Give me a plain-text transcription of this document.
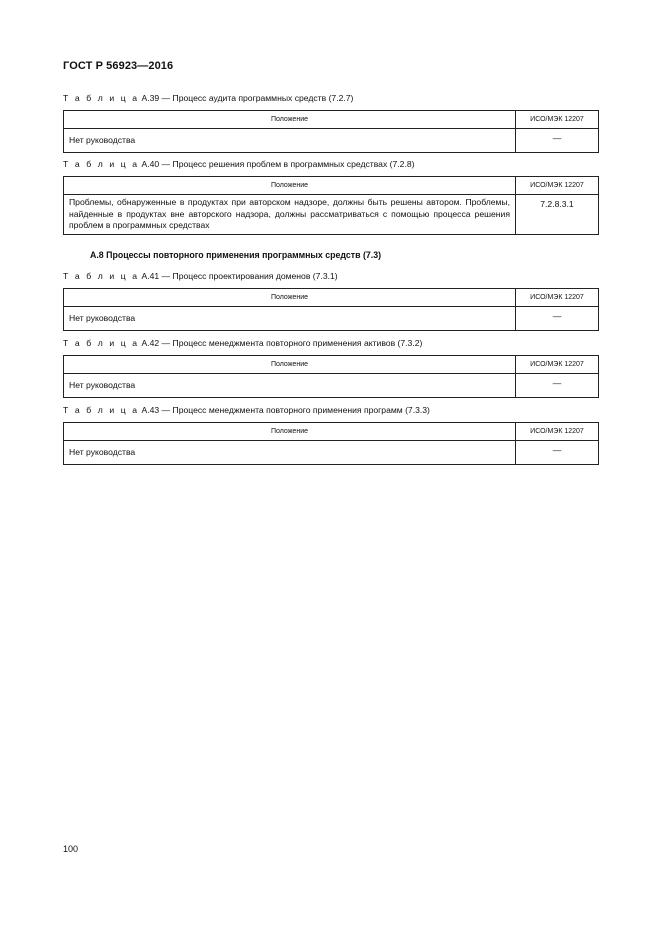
ГОСТ Р 56923—2016
Т а б л и ц а А.39 — Процесс аудита программных средств (7.2.7)
Положение	ИСО/МЭК 12207
Нет руководства	—
Т а б л и ц а А.40 — Процесс решения проблем в программных средствах (7.2.8)
Положение	ИСО/МЭК 12207
Проблемы, обнаруженные в продуктах при авторском надзоре, должны быть решены автором. Проблемы, найденные в продуктах вне авторского надзора, должны рассматриваться с помощью процесса решения проблем в программных средствах	7.2.8.3.1
А.8 Процессы повторного применения программных средств (7.3)
Т а б л и ц а А.41 — Процесс проектирования доменов (7.3.1)
Положение	ИСО/МЭК 12207
Нет руководства	—
Т а б л и ц а А.42 — Процесс менеджмента повторного применения активов (7.3.2)
Положение	ИСО/МЭК 12207
Нет руководства	—
Т а б л и ц а А.43 — Процесс менеджмента повторного применения программ (7.3.3)
Положение	ИСО/МЭК 12207
Нет руководства	—
100
